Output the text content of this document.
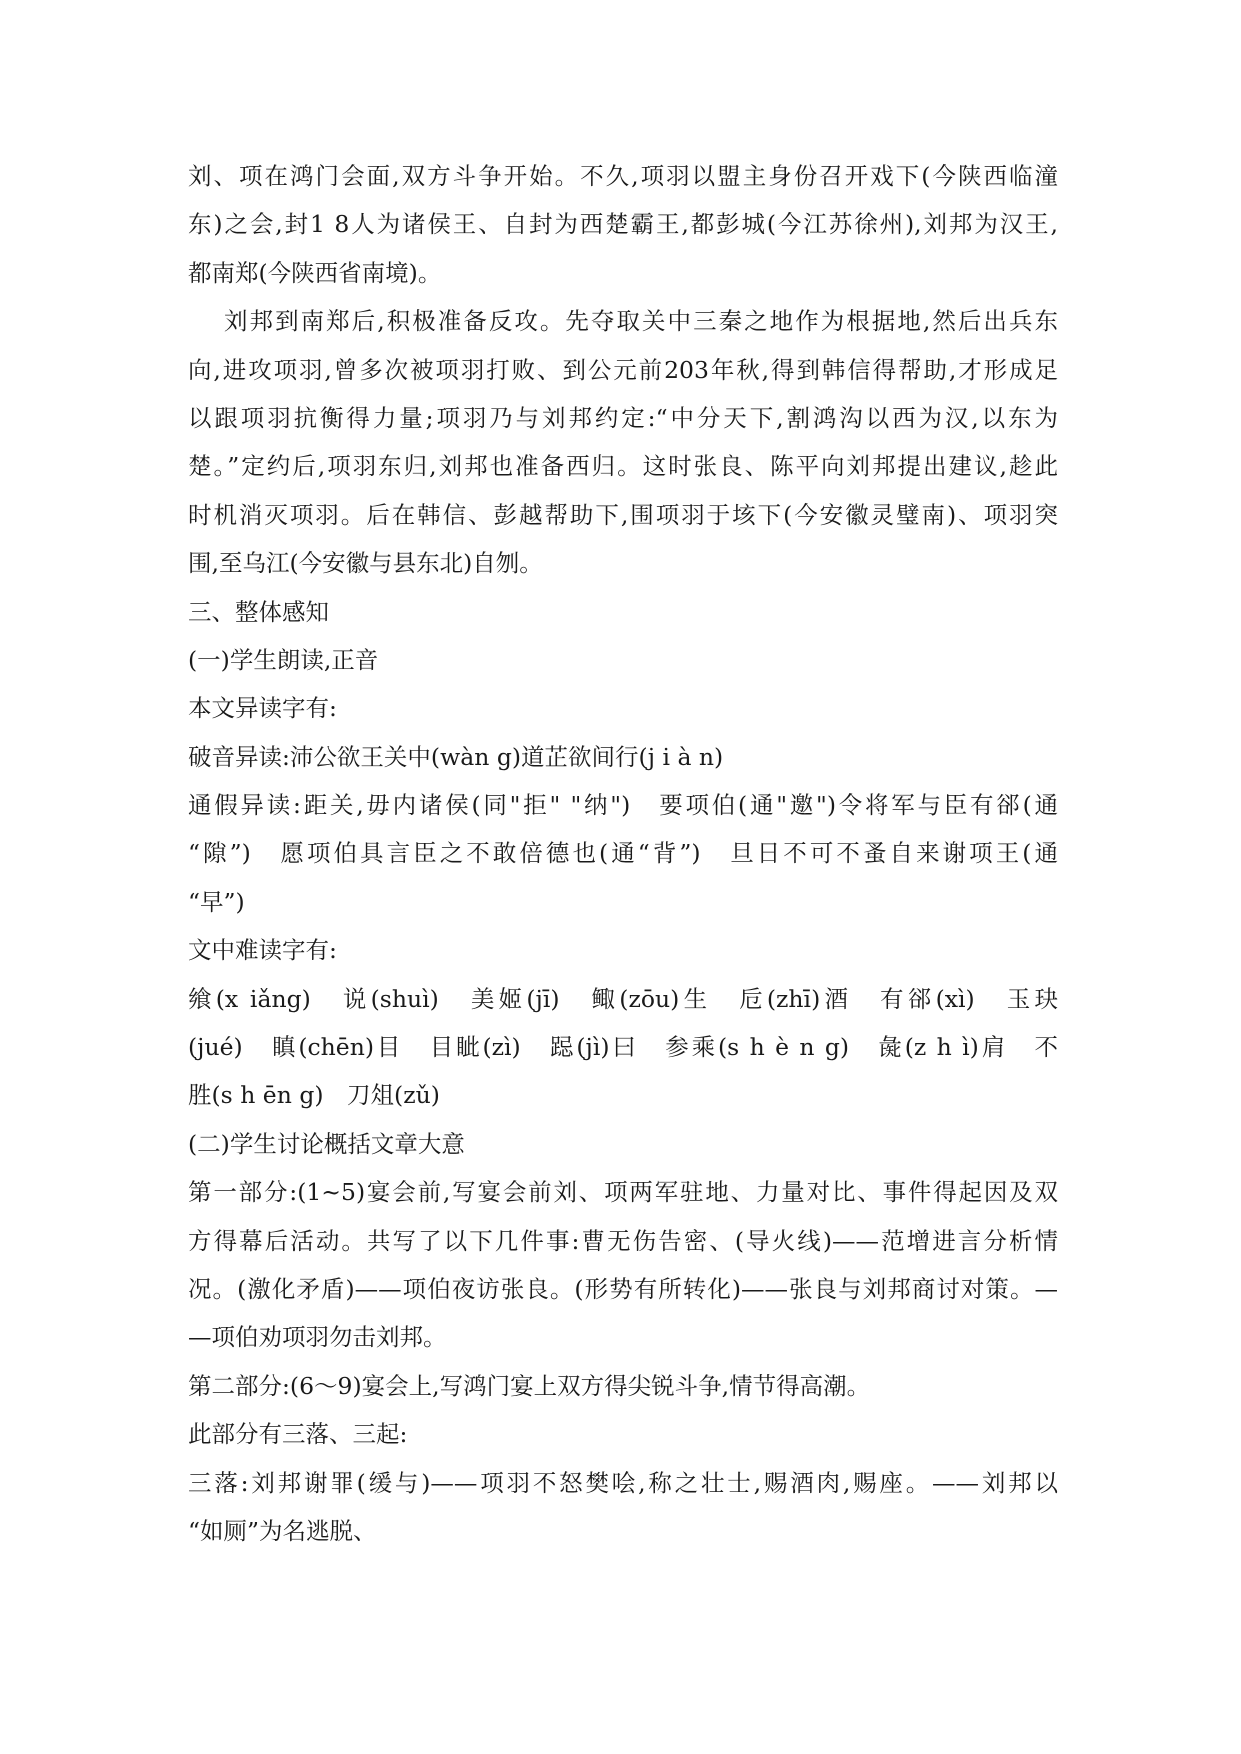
刘、项在鸿门会面,双方斗争开始。不久,项羽以盟主身份召开戏下(今陕西临潼
东)之会,封1 8人为诸侯王、自封为西楚霸王,都彭城(今江苏徐州),刘邦为汉王,
都南郑(今陕西省南境)。
刘邦到南郑后,积极准备反攻。先夺取关中三秦之地作为根据地,然后出兵东
向,进攻项羽,曾多次被项羽打败、到公元前203年秋,得到韩信得帮助,才形成足
以跟项羽抗衡得力量;项羽乃与刘邦约定:“中分天下,割鸿沟以西为汉,以东为
楚。”定约后,项羽东归,刘邦也准备西归。这时张良、陈平向刘邦提出建议,趁此
时机消灭项羽。后在韩信、彭越帮助下,围项羽于垓下(今安徽灵璧南)、项羽突
围,至乌江(今安徽与县东北)自刎。
三、整体感知
(一)学生朗读,正音
本文异读字有:
破音异读:沛公欲王关中(wàn g)道芷欲间行(j i à n)
通假异读:距关,毋内诸侯(同"拒" "纳")　要项伯(通"邀")令将军与臣有郤(通
“隙”)　愿项伯具言臣之不敢倍德也(通“背”)　旦日不可不蚤自来谢项王(通
“早”)
文中难读字有:
飨(x iǎng)　说(shuì)　美姬(jī)　鲰(zōu)生　卮(zhī)酒　有郤(xì)　玉玦
(jué)　瞋(chēn)目　目眦(zì)　跽(jì)曰　参乘(s h è n g)　彘(z h ì)肩　不
胜(s h ēn g)　刀俎(zǔ)
(二)学生讨论概括文章大意
第一部分:(1~5)宴会前,写宴会前刘、项两军驻地、力量对比、事件得起因及双
方得幕后活动。共写了以下几件事:曹无伤告密、(导火线)——范增进言分析情
况。(激化矛盾)——项伯夜访张良。(形势有所转化)——张良与刘邦商讨对策。—
—项伯劝项羽勿击刘邦。
第二部分:(6～9)宴会上,写鸿门宴上双方得尖锐斗争,情节得高潮。
此部分有三落、三起:
三落:刘邦谢罪(缓与)——项羽不怒樊哙,称之壮士,赐酒肉,赐座。——刘邦以
“如厕”为名逃脱、
